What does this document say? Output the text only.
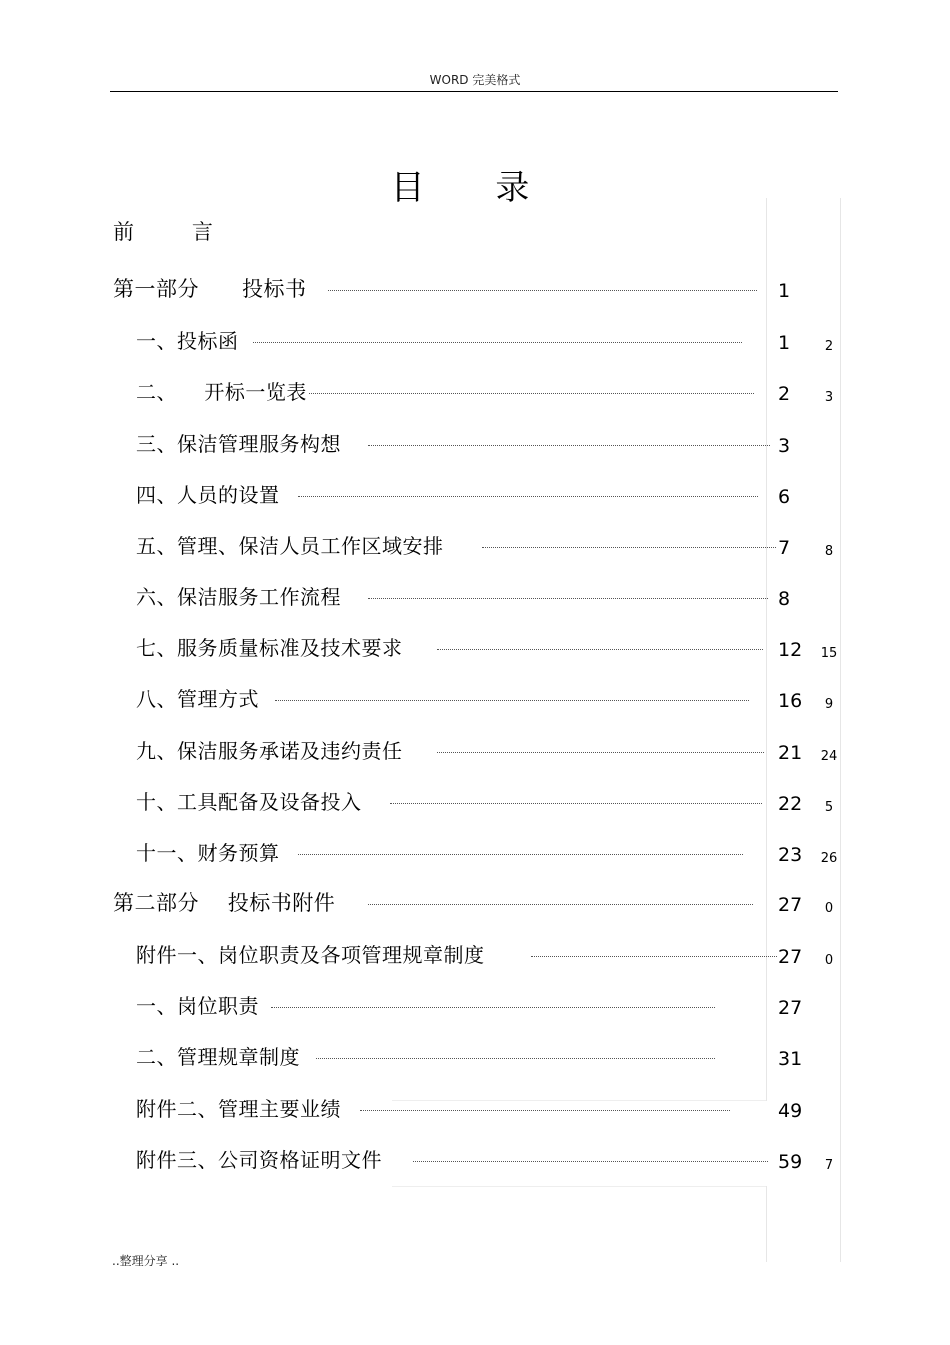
WORD 完美格式
目 录
前        言
第一部分      投标书	1
一、投标函	1	2
二、    开标一览表	2	3
三、保洁管理服务构想	3
四、人员的设置	6
五、管理、保洁人员工作区域安排	7	8
六、保洁服务工作流程	8
七、服务质量标准及技术要求	12	15
八、管理方式	16	9
九、保洁服务承诺及违约责任	21	24
十、工具配备及设备投入	22	5
十一、财务预算	23	26
第二部分    投标书附件	27	0
附件一、岗位职责及各项管理规章制度	27	0
一、岗位职责	27
二、管理规章制度	31
附件二、管理主要业绩	49
附件三、公司资格证明文件	59	7
..整理分享 ..
